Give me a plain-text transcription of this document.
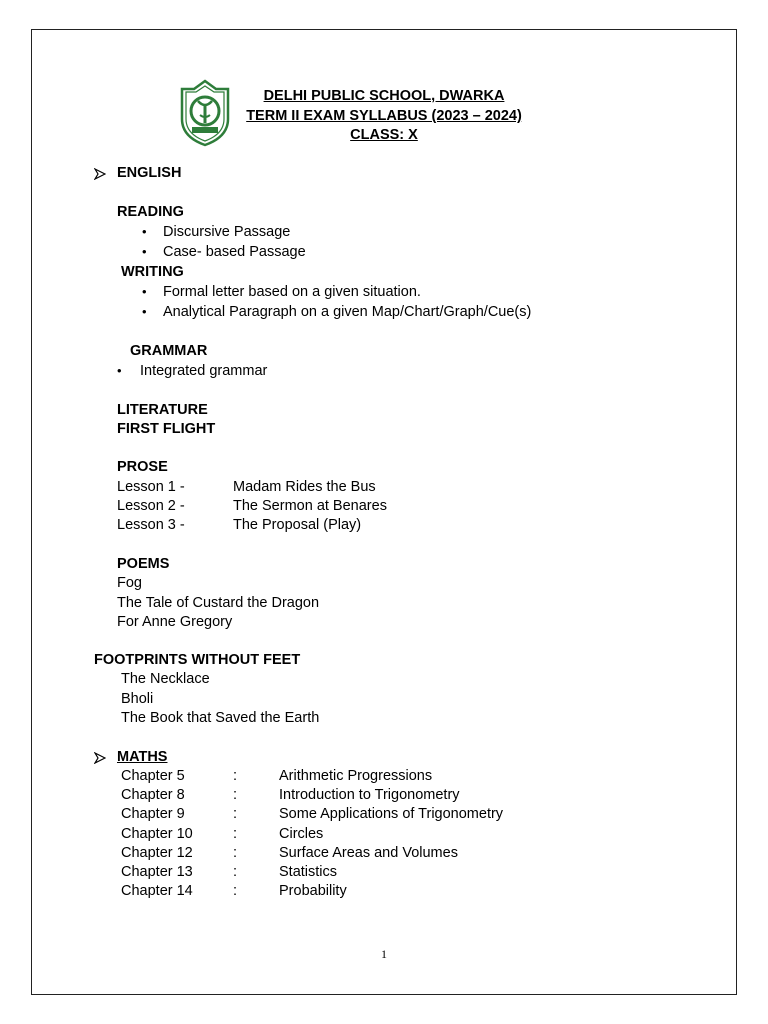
DELHI PUBLIC SCHOOL, DWARKA
TERM II EXAM SYLLABUS (2023 – 2024)
CLASS: X
ENGLISH
READING
• Discursive Passage
• Case- based Passage
WRITING
• Formal letter based on a given situation.
• Analytical Paragraph on a given Map/Chart/Graph/Cue(s)
GRAMMAR
• Integrated grammar
LITERATURE
FIRST FLIGHT
PROSE
Lesson 1 -	Madam Rides the Bus
Lesson 2 -	The Sermon at Benares
Lesson 3 -	The Proposal (Play)
POEMS
Fog
The Tale of Custard the Dragon
For Anne Gregory
FOOTPRINTS WITHOUT FEET
The Necklace
Bholi
The Book that Saved the Earth
MATHS
Chapter 5	:	Arithmetic Progressions
Chapter 8	:	Introduction to Trigonometry
Chapter 9	:	Some Applications of Trigonometry
Chapter 10	:	Circles
Chapter 12	:	Surface Areas and Volumes
Chapter 13	:	Statistics
Chapter 14	:	Probability
1
